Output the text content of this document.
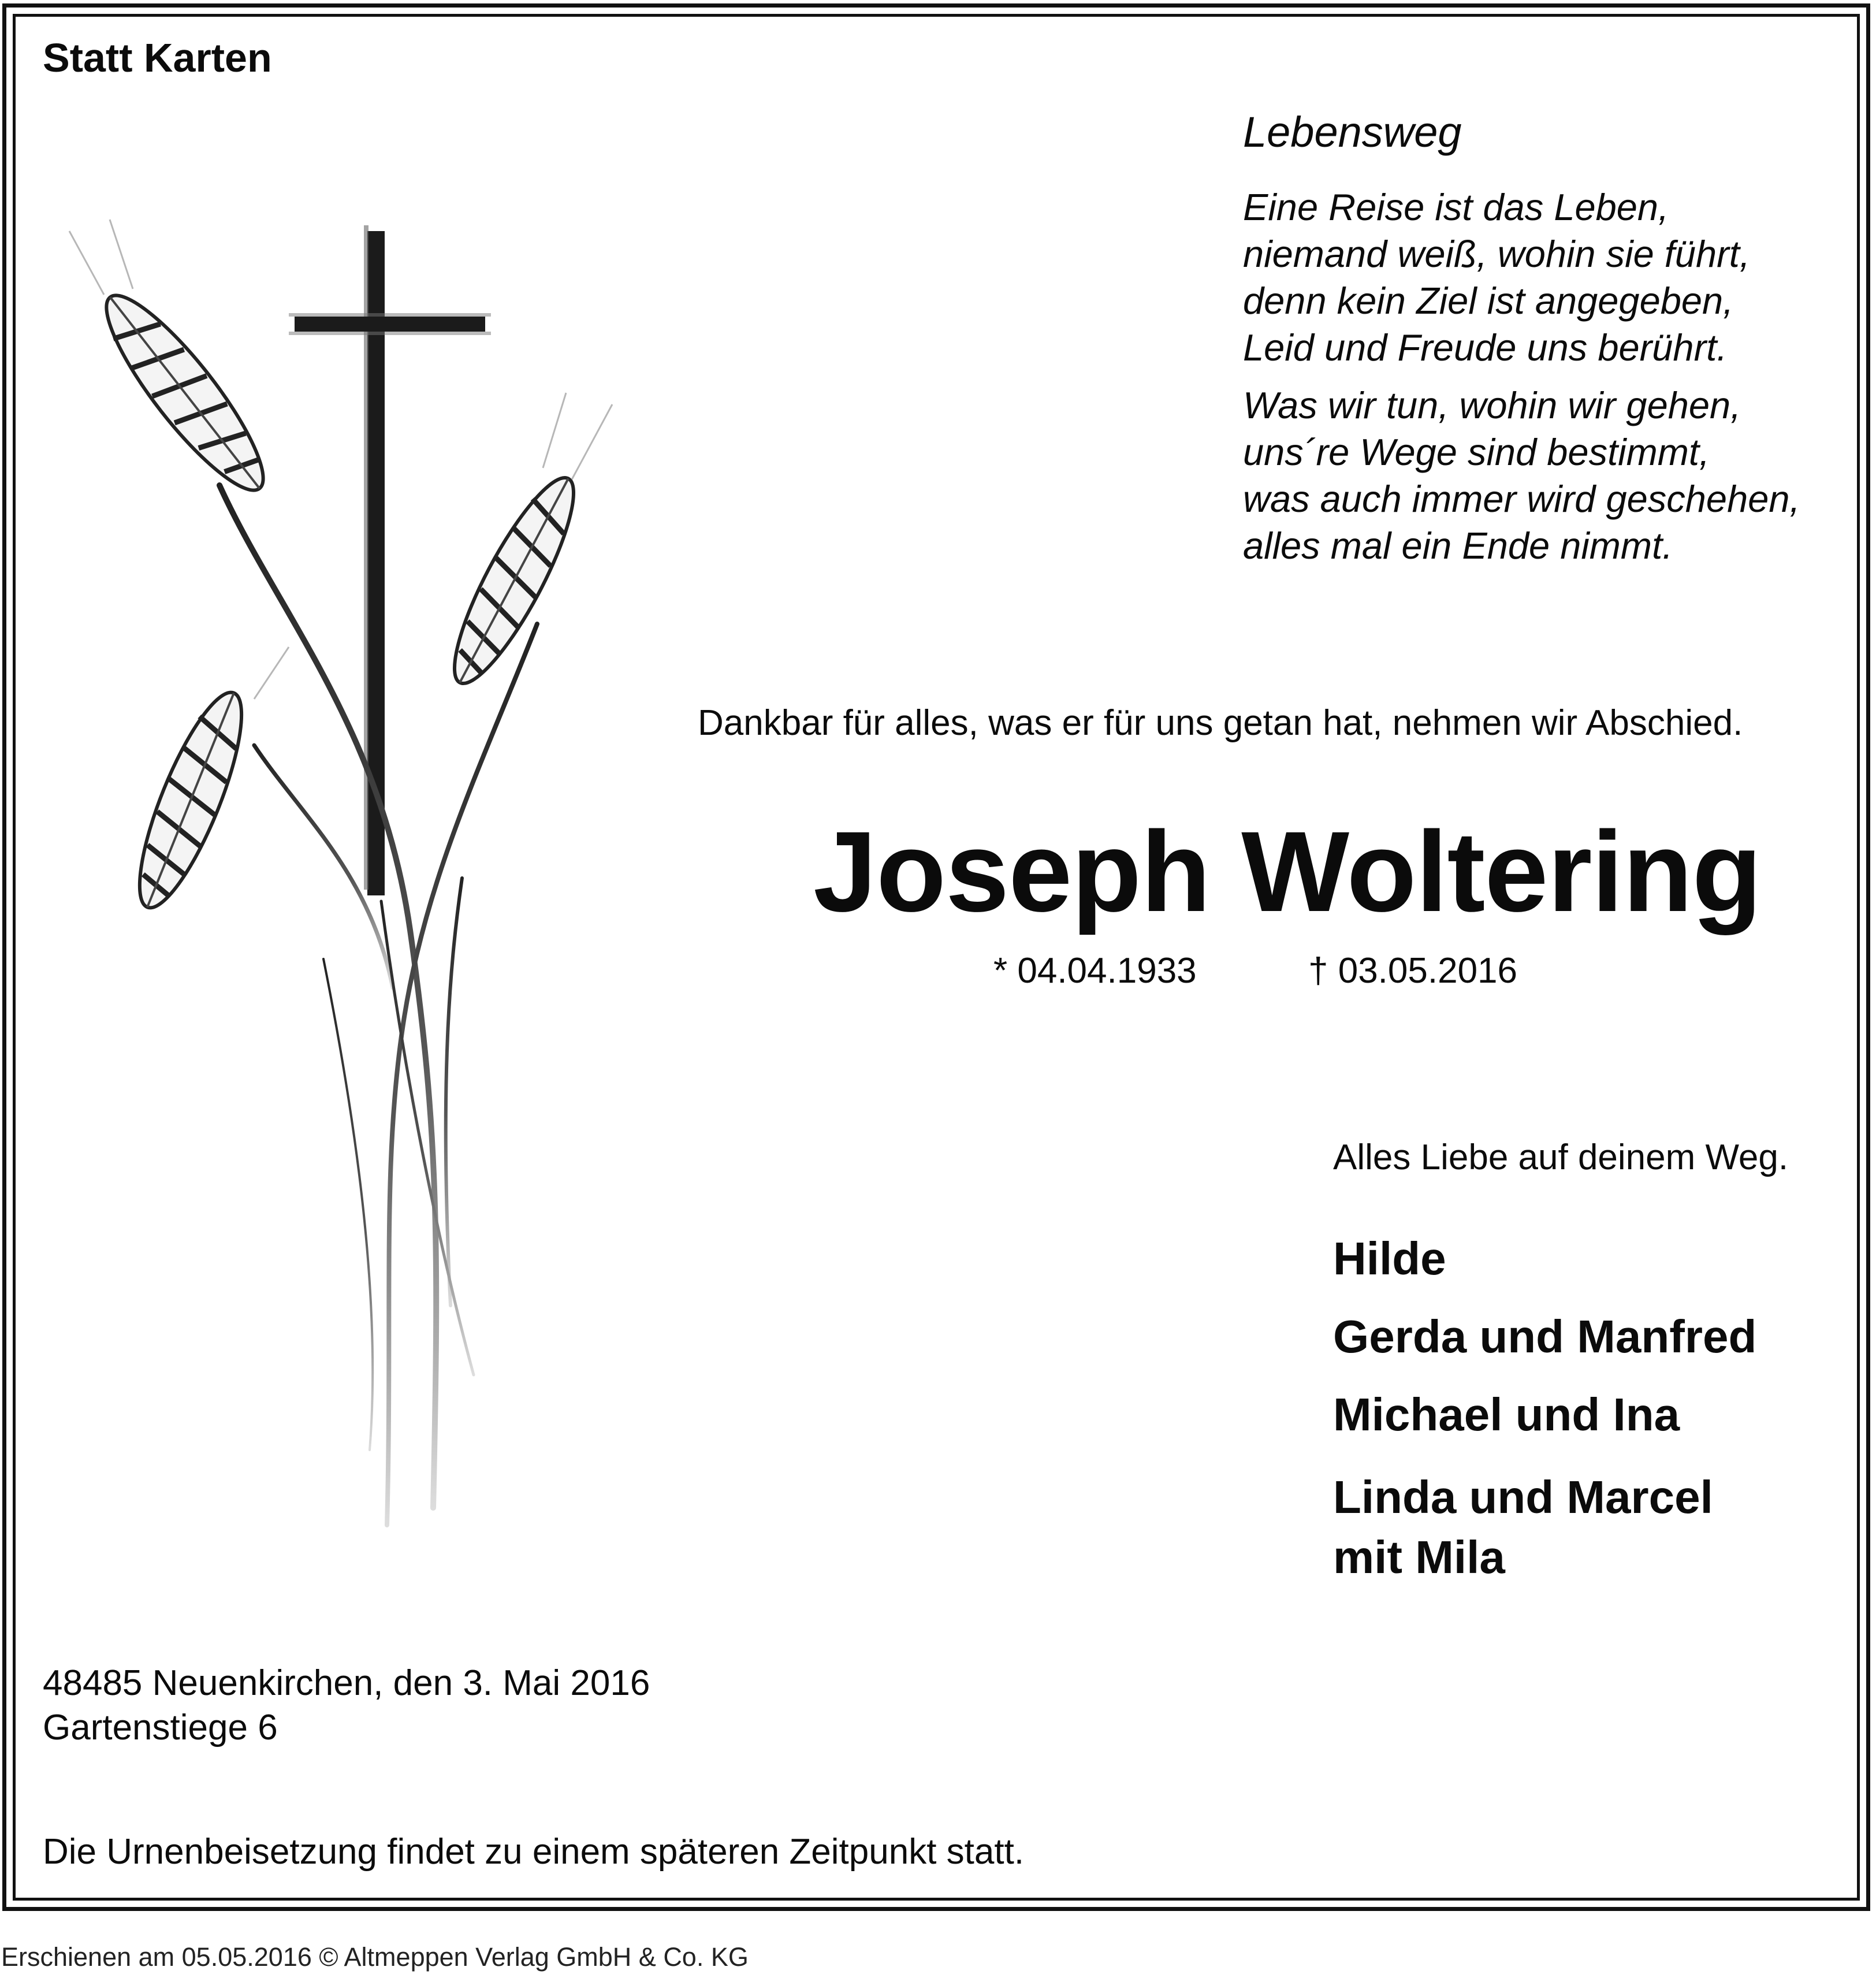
Statt Karten
Lebensweg
Eine Reise ist das Leben,
niemand weiß, wohin sie führt,
denn kein Ziel ist angegeben,
Leid und Freude uns berührt.
Was wir tun, wohin wir gehen,
uns´re Wege sind bestimmt,
was auch immer wird geschehen,
alles mal ein Ende nimmt.
Dankbar für alles, was er für uns getan hat, nehmen wir Abschied.
Joseph Woltering
* 04.04.1933	† 03.05.2016
Alles Liebe auf deinem Weg.
Hilde
Gerda und Manfred
Michael und Ina
Linda und Marcel
mit Mila
48485 Neuenkirchen, den 3. Mai 2016
Gartenstiege 6
Die Urnenbeisetzung findet zu einem späteren Zeitpunkt statt.
Erschienen am 05.05.2016 © Altmeppen Verlag GmbH & Co. KG
